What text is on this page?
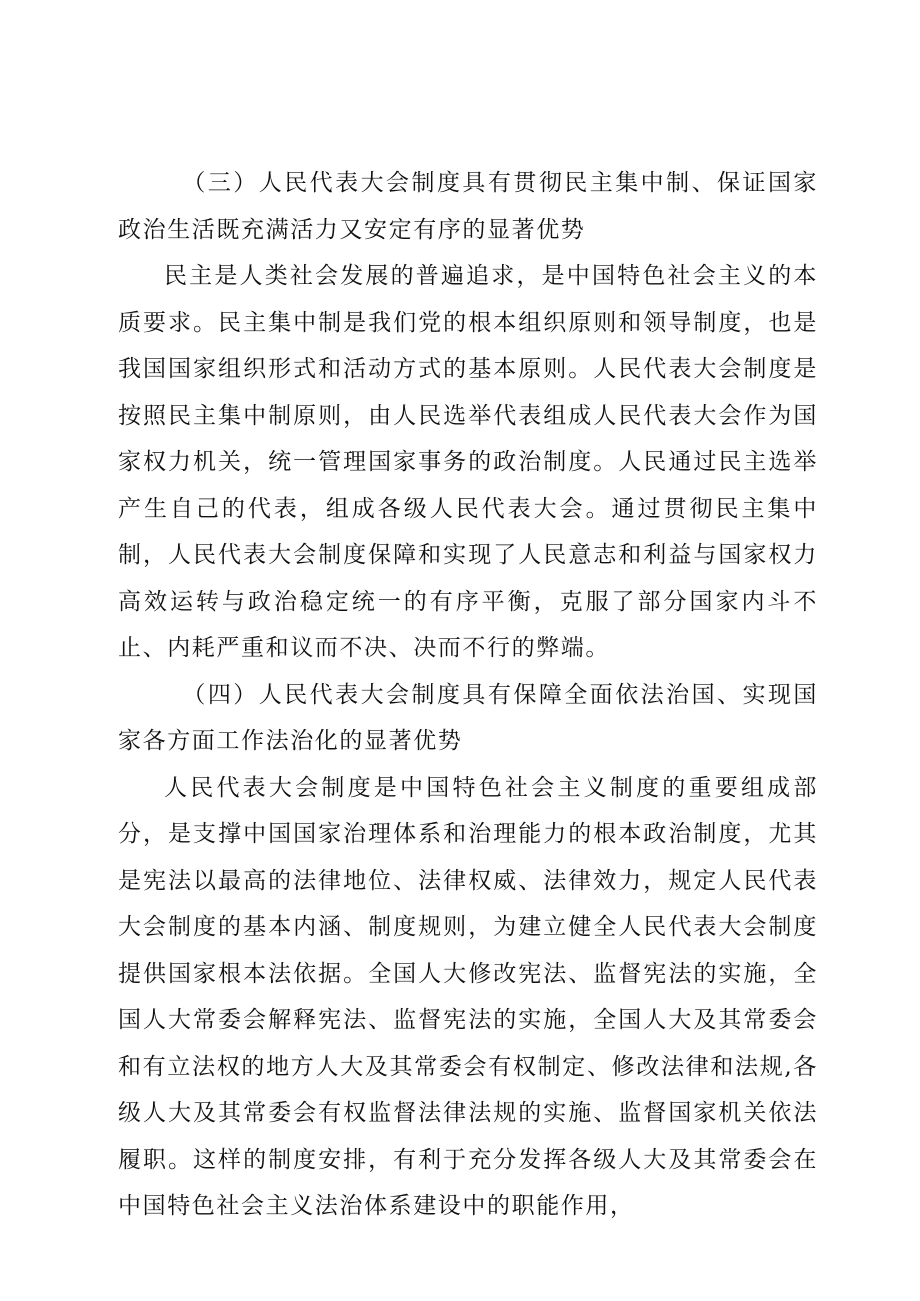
（三）人民代表大会制度具有贯彻民主集中制、保证国家政治生活既充满活力又安定有序的显著优势

民主是人类社会发展的普遍追求，是中国特色社会主义的本质要求。民主集中制是我们党的根本组织原则和领导制度，也是我国国家组织形式和活动方式的基本原则。人民代表大会制度是按照民主集中制原则，由人民选举代表组成人民代表大会作为国家权力机关，统一管理国家事务的政治制度。人民通过民主选举产生自己的代表，组成各级人民代表大会。通过贯彻民主集中制，人民代表大会制度保障和实现了人民意志和利益与国家权力高效运转与政治稳定统一的有序平衡，克服了部分国家内斗不止、内耗严重和议而不决、决而不行的弊端。

（四）人民代表大会制度具有保障全面依法治国、实现国家各方面工作法治化的显著优势

人民代表大会制度是中国特色社会主义制度的重要组成部分，是支撑中国国家治理体系和治理能力的根本政治制度，尤其是宪法以最高的法律地位、法律权威、法律效力，规定人民代表大会制度的基本内涵、制度规则，为建立健全人民代表大会制度提供国家根本法依据。全国人大修改宪法、监督宪法的实施，全国人大常委会解释宪法、监督宪法的实施，全国人大及其常委会和有立法权的地方人大及其常委会有权制定、修改法律和法规,各级人大及其常委会有权监督法律法规的实施、监督国家机关依法履职。这样的制度安排，有利于充分发挥各级人大及其常委会在中国特色社会主义法治体系建设中的职能作用，
